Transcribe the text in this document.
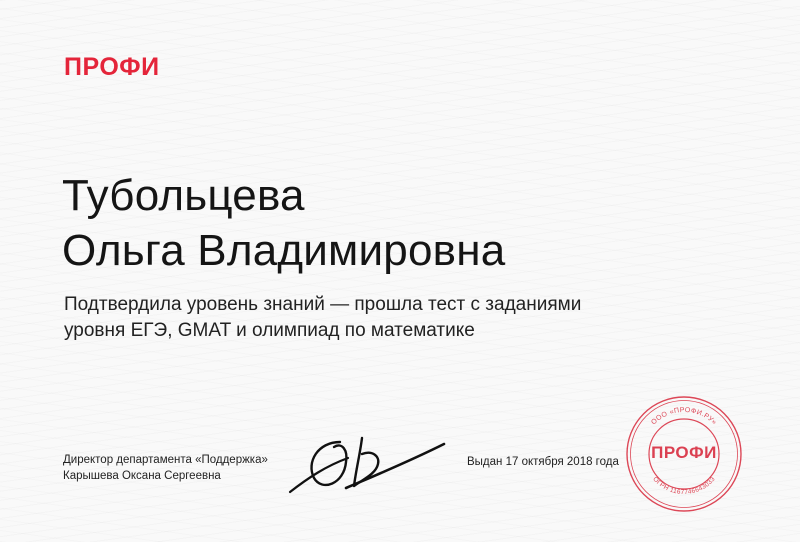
ПРОФИ
Тубольцева
Ольга Владимировна

Подтвердила уровень знаний — прошла тест с заданиями
уровня ЕГЭ, GMAT и олимпиад по математике

Директор департамента «Поддержка»
Карышева Оксана Сергеевна
Выдан 17 октября 2018 года
ООО «ПРОФИ.РУ»
ОГРН 1167746643033
ПРОФИ
